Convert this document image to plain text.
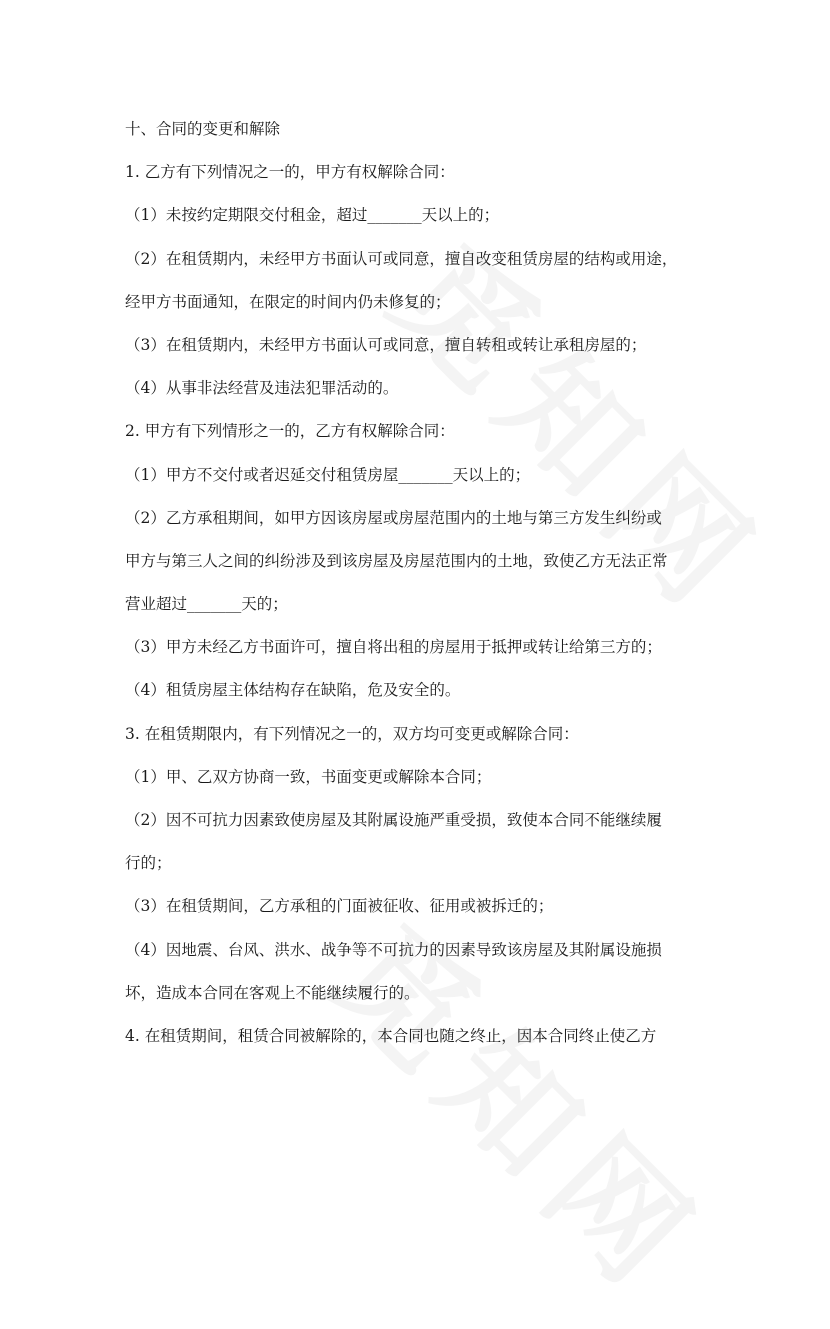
十、合同的变更和解除
1. 乙方有下列情况之一的，甲方有权解除合同：
（1）未按约定期限交付租金，超过_______天以上的；
（2）在租赁期内，未经甲方书面认可或同意，擅自改变租赁房屋的结构或用途，
经甲方书面通知，在限定的时间内仍未修复的；
（3）在租赁期内，未经甲方书面认可或同意，擅自转租或转让承租房屋的；
（4）从事非法经营及违法犯罪活动的。
2. 甲方有下列情形之一的，乙方有权解除合同：
（1）甲方不交付或者迟延交付租赁房屋_______天以上的；
（2）乙方承租期间，如甲方因该房屋或房屋范围内的土地与第三方发生纠纷或
甲方与第三人之间的纠纷涉及到该房屋及房屋范围内的土地，致使乙方无法正常
营业超过_______天的；
（3）甲方未经乙方书面许可，擅自将出租的房屋用于抵押或转让给第三方的；
（4）租赁房屋主体结构存在缺陷，危及安全的。
3. 在租赁期限内，有下列情况之一的，双方均可变更或解除合同：
（1）甲、乙双方协商一致，书面变更或解除本合同；
（2）因不可抗力因素致使房屋及其附属设施严重受损，致使本合同不能继续履
行的；
（3）在租赁期间，乙方承租的门面被征收、征用或被拆迁的；
（4）因地震、台风、洪水、战争等不可抗力的因素导致该房屋及其附属设施损
坏，造成本合同在客观上不能继续履行的。
4. 在租赁期间，租赁合同被解除的，本合同也随之终止，因本合同终止使乙方
